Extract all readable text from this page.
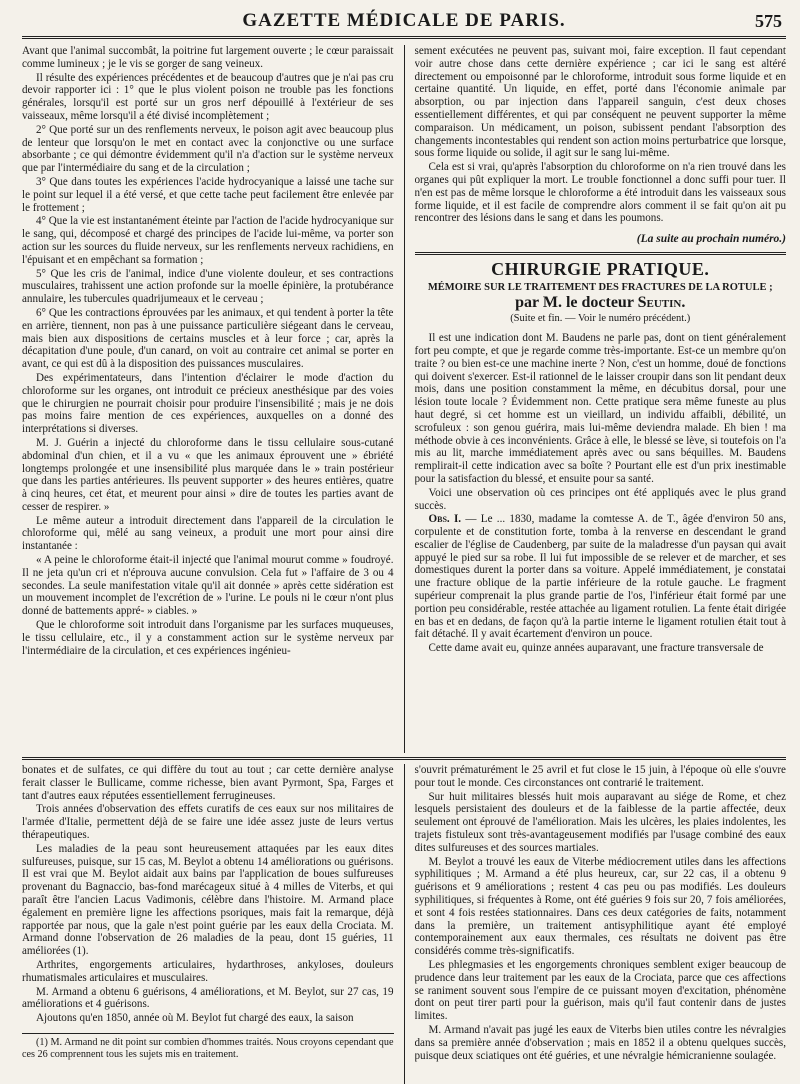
GAZETTE MÉDICALE DE PARIS.	575

Avant que l'animal succombât, la poitrine fut largement ouverte ; le cœur paraissait comme lumineux ; je le vis se gorger de sang veineux.

Il résulte des expériences précédentes et de beaucoup d'autres que je n'ai pas cru devoir rapporter ici : 1° que le plus violent poison ne trouble pas les fonctions générales, lorsqu'il est porté sur un gros nerf dépouillé à l'extérieur de ses vaisseaux, même lorsqu'il a été divisé incomplètement ;

2° Que porté sur un des renflements nerveux, le poison agit avec beaucoup plus de lenteur que lorsqu'on le met en contact avec la conjonctive ou une surface absorbante ; ce qui démontre évidemment qu'il n'a d'action sur le système nerveux que par l'intermédiaire du sang et de la circulation ;

3° Que dans toutes les expériences l'acide hydrocyanique a laissé une tache sur le point sur lequel il a été versé, et que cette tache peut facilement être enlevée par le frottement ;

4° Que la vie est instantanément éteinte par l'action de l'acide hydrocyanique sur le sang, qui, décomposé et chargé des principes de l'acide lui-même, va porter son action sur les sources du fluide nerveux, sur les renflements nerveux rachidiens, en l'épuisant et en empêchant sa formation ;

5° Que les cris de l'animal, indice d'une violente douleur, et ses contractions musculaires, trahissent une action profonde sur la moelle épinière, la protubérance annulaire, les tubercules quadrijumeaux et le cerveau ;

6° Que les contractions éprouvées par les animaux, et qui tendent à porter la tête en arrière, tiennent, non pas à une puissance particulière siégeant dans le cerveau, mais bien aux dispositions de certains muscles et à leur force ; car, après la décapitation d'une poule, d'un canard, on voit au contraire cet animal se porter en avant, ce qui est dû à la disposition des puissances musculaires.

Des expérimentateurs, dans l'intention d'éclairer le mode d'action du chloroforme sur les organes, ont introduit ce précieux anesthésique par des voies que le chirurgien ne pourrait choisir pour produire l'insensibilité ; mais je ne dois pas moins faire mention de ces expériences, auxquelles on a donné des interprétations si diverses.

M. J. Guérin a injecté du chloroforme dans le tissu cellulaire sous-cutané abdominal d'un chien, et il a vu « que les animaux éprouvent une » ébriété longtemps prolongée et une insensibilité plus marquée dans le » train postérieur que dans les parties antérieures. Ils peuvent supporter » des heures entières, quatre à cinq heures, cet état, et meurent pour ainsi » dire de toutes les parties avant de cesser de respirer. »

Le même auteur a introduit directement dans l'appareil de la circulation le chloroforme qui, mêlé au sang veineux, a produit une mort pour ainsi dire instantanée :

« A peine le chloroforme était-il injecté que l'animal mourut comme » foudroyé. Il ne jeta qu'un cri et n'éprouva aucune convulsion. Cela fut » l'affaire de 3 ou 4 secondes. La seule manifestation vitale qu'il ait donnée » après cette sidération est un mouvement incomplet de l'excrétion de » l'urine. Le pouls ni le cœur n'ont plus donné de battements appré- » ciables. »

Que le chloroforme soit introduit dans l'organisme par les surfaces muqueuses, le tissu cellulaire, etc., il y a constamment action sur le système nerveux par l'intermédiaire de la circulation, et ces expériences ingénieu-

sement exécutées ne peuvent pas, suivant moi, faire exception. Il faut cependant voir autre chose dans cette dernière expérience ; car ici le sang est altéré directement ou empoisonné par le chloroforme, introduit sous forme liquide et en certaine quantité. Un liquide, en effet, porté dans l'économie animale par absorption, ou par injection dans l'appareil sanguin, c'est deux choses essentiellement différentes, et qui par conséquent ne peuvent supporter la même comparaison. Un médicament, un poison, subissent pendant l'absorption des changements incontestables qui rendent son action moins perturbatrice que lorsque, sous forme liquide ou solide, il agit sur le sang lui-même.

Cela est si vrai, qu'après l'absorption du chloroforme on n'a rien trouvé dans les organes qui pût expliquer la mort. Le trouble fonctionnel a donc suffi pour tuer. Il n'en est pas de même lorsque le chloroforme a été introduit dans les vaisseaux sous forme liquide, et il est facile de comprendre alors comment il se fait qu'on ait pu rencontrer des lésions dans le sang et dans les poumons.

(La suite au prochain numéro.)
CHIRURGIE PRATIQUE.
MÉMOIRE SUR LE TRAITEMENT DES FRACTURES DE LA ROTULE ;
par M. le docteur Seutin.
(Suite et fin. — Voir le numéro précédent.)

Il est une indication dont M. Baudens ne parle pas, dont on tient généralement fort peu compte, et que je regarde comme très-importante. Est-ce un membre qu'on traite ? ou bien est-ce une machine inerte ? Non, c'est un homme, doué de fonctions qui doivent s'exercer. Est-il rationnel de le laisser croupir dans son lit pendant deux mois, dans une position constamment la même, en décubitus dorsal, pour une lésion toute locale ? Évidemment non. Cette pratique sera même funeste au plus haut degré, si cet homme est un vieillard, un individu affaibli, débilité, un scrofuleux : son genou guérira, mais lui-même deviendra malade. Eh bien ! ma méthode obvie à ces inconvénients. Grâce à elle, le blessé se lève, si toutefois on l'a mis au lit, marche immédiatement après avec ou sans béquilles. M. Baudens remplirait-il cette indication avec sa boîte ? Pourtant elle est d'un prix inestimable pour la satisfaction du blessé, et ensuite pour sa santé.

Voici une observation où ces principes ont été appliqués avec le plus grand succès.

Obs. I. — Le ... 1830, madame la comtesse A. de T., âgée d'environ 50 ans, corpulente et de constitution forte, tomba à la renverse en descendant le grand escalier de l'église de Caudenberg, par suite de la maladresse d'un paysan qui avait appuyé le pied sur sa robe. Il lui fut impossible de se relever et de marcher, et ses domestiques durent la porter dans sa voiture. Appelé immédiatement, je constatai une fracture oblique de la partie inférieure de la rotule gauche. Le fragment supérieur comprenait la plus grande partie de l'os, l'inférieur était formé par une portion peu considérable, restée attachée au ligament rotulien. La fente était dirigée en bas et en dedans, de façon qu'à la partie interne le ligament rotulien était tout à fait détaché. Il y avait écartement d'environ un pouce.

Cette dame avait eu, quinze années auparavant, une fracture transversale de

bonates et de sulfates, ce qui diffère du tout au tout ; car cette dernière analyse ferait classer le Bullicame, comme richesse, bien avant Pyrmont, Spa, Farges et tant d'autres eaux réputées essentiellement ferrugineuses.

Trois années d'observation des effets curatifs de ces eaux sur nos militaires de l'armée d'Italie, permettent déjà de se faire une idée assez juste de leurs vertus thérapeutiques.

Les maladies de la peau sont heureusement attaquées par les eaux dites sulfureuses, puisque, sur 15 cas, M. Beylot a obtenu 14 améliorations ou guérisons. Il est vrai que M. Beylot aidait aux bains par l'application de boues sulfureuses provenant du Bagnaccio, bas-fond marécageux situé à 4 milles de Viterbs, et qui paraît être l'ancien Lacus Vadimonis, célèbre dans l'histoire. M. Armand place également en première ligne les affections psoriques, mais fait la remarque, déjà rapportée par nous, que la gale n'est point guérie par les eaux della Crociata. M. Armand donne l'observation de 26 maladies de la peau, dont 15 guéries, 11 améliorées (1).

Arthrites, engorgements articulaires, hydarthroses, ankyloses, douleurs rhumatismales articulaires et musculaires.

M. Armand a obtenu 6 guérisons, 4 améliorations, et M. Beylot, sur 27 cas, 19 améliorations et 4 guérisons.

Ajoutons qu'en 1850, année où M. Beylot fut chargé des eaux, la saison

(1) M. Armand ne dit point sur combien d'hommes traités. Nous croyons cependant que ces 26 comprennent tous les sujets mis en traitement.

s'ouvrit prématurément le 25 avril et fut close le 15 juin, à l'époque où elle s'ouvre pour tout le monde. Ces circonstances ont contrarié le traitement.

Sur huit militaires blessés huit mois auparavant au siége de Rome, et chez lesquels persistaient des douleurs et de la faiblesse de la partie affectée, deux seulement ont éprouvé de l'amélioration. Mais les ulcères, les plaies indolentes, les trajets fistuleux sont très-avantageusement modifiés par l'usage combiné des eaux dites sulfureuses et des sources martiales.

M. Beylot a trouvé les eaux de Viterbe médiocrement utiles dans les affections syphilitiques ; M. Armand a été plus heureux, car, sur 22 cas, il a obtenu 9 guérisons et 9 améliorations ; restent 4 cas peu ou pas modifiés. Les douleurs syphilitiques, si fréquentes à Rome, ont été guéries 9 fois sur 20, 7 fois améliorées, et sont 4 fois restées stationnaires. Dans ces deux catégories de faits, notamment dans la première, un traitement antisyphilitique ayant été employé contemporainement aux eaux thermales, ces résultats ne doivent pas être considérés comme très-significatifs.

Les phlegmasies et les engorgements chroniques semblent exiger beaucoup de prudence dans leur traitement par les eaux de la Crociata, parce que ces affections se raniment souvent sous l'empire de ce puissant moyen d'excitation, phénomène dont on peut tirer parti pour la guérison, mais qu'il faut contenir dans de justes limites.

M. Armand n'avait pas jugé les eaux de Viterbs bien utiles contre les névralgies dans sa première année d'observation ; mais en 1852 il a obtenu quelques succès, puisque deux sciatiques ont été guéries, et une névralgie hémicranienne soulagée.
